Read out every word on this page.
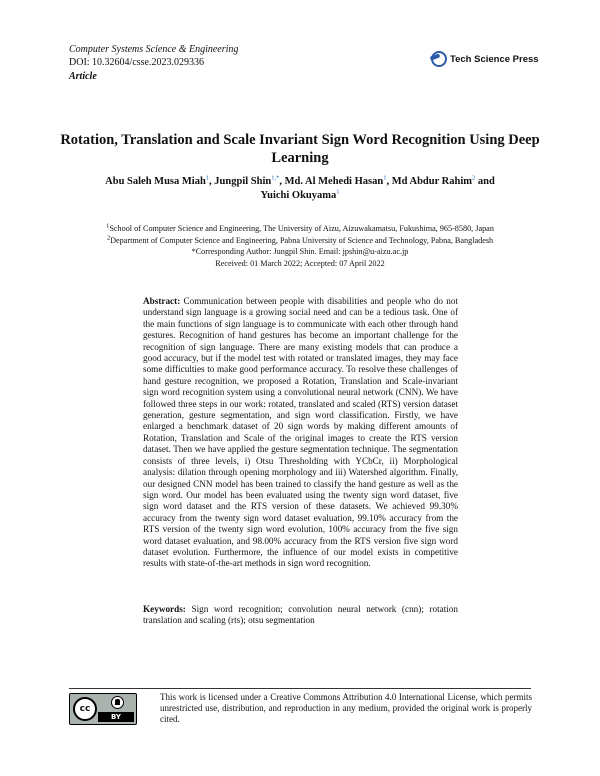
Computer Systems Science & Engineering
DOI: 10.32604/csse.2023.029336
Article
Tech Science Press
Rotation, Translation and Scale Invariant Sign Word Recognition Using Deep Learning
Abu Saleh Musa Miah$^1$, Jungpil Shin$^{1,*}$, Md. Al Mehedi Hasan$^1$, Md Abdur Rahim$^2$ and
Yuichi Okuyama$^1$
$^1$School of Computer Science and Engineering, The University of Aizu, Aizuwakamatsu, Fukushima, 965-8580, Japan
$^2$Department of Computer Science and Engineering, Pabna University of Science and Technology, Pabna, Bangladesh
*Corresponding Author: Jungpil Shin. Email: jpshin@u-aizu.ac.jp
Received: 01 March 2022; Accepted: 07 April 2022
Abstract: Communication between people with disabilities and people who do not understand sign language is a growing social need and can be a tedious task. One of the main functions of sign language is to communicate with each other through hand gestures. Recognition of hand gestures has become an important challenge for the recognition of sign language. There are many existing models that can produce a good accuracy, but if the model test with rotated or translated images, they may face some difficulties to make good performance accuracy. To resolve these challenges of hand gesture recognition, we proposed a Rotation, Translation and Scale-invariant sign word recognition system using a convolutional neural network (CNN). We have followed three steps in our work: rotated, translated and scaled (RTS) version dataset generation, gesture segmentation, and sign word classification. Firstly, we have enlarged a benchmark dataset of 20 sign words by making different amounts of Rotation, Translation and Scale of the original images to create the RTS version dataset. Then we have applied the gesture segmentation technique. The segmentation consists of three levels, i) Otsu Thresholding with YCbCr, ii) Morphological analysis: dilation through opening morphology and iii) Watershed algorithm. Finally, our designed CNN model has been trained to classify the hand gesture as well as the sign word. Our model has been evaluated using the twenty sign word dataset, five sign word dataset and the RTS version of these datasets. We achieved 99.30% accuracy from the twenty sign word dataset evaluation, 99.10% accuracy from the RTS version of the twenty sign word evolution, 100% accuracy from the five sign word dataset evaluation, and 98.00% accuracy from the RTS version five sign word dataset evolution. Furthermore, the influence of our model exists in competitive results with state-of-the-art methods in sign word recognition.
Keywords: Sign word recognition; convolution neural network (cnn); rotation translation and scaling (rts); otsu segmentation
cc
BY
This work is licensed under a Creative Commons Attribution 4.0 International License, which permits unrestricted use, distribution, and reproduction in any medium, provided the original work is properly cited.
